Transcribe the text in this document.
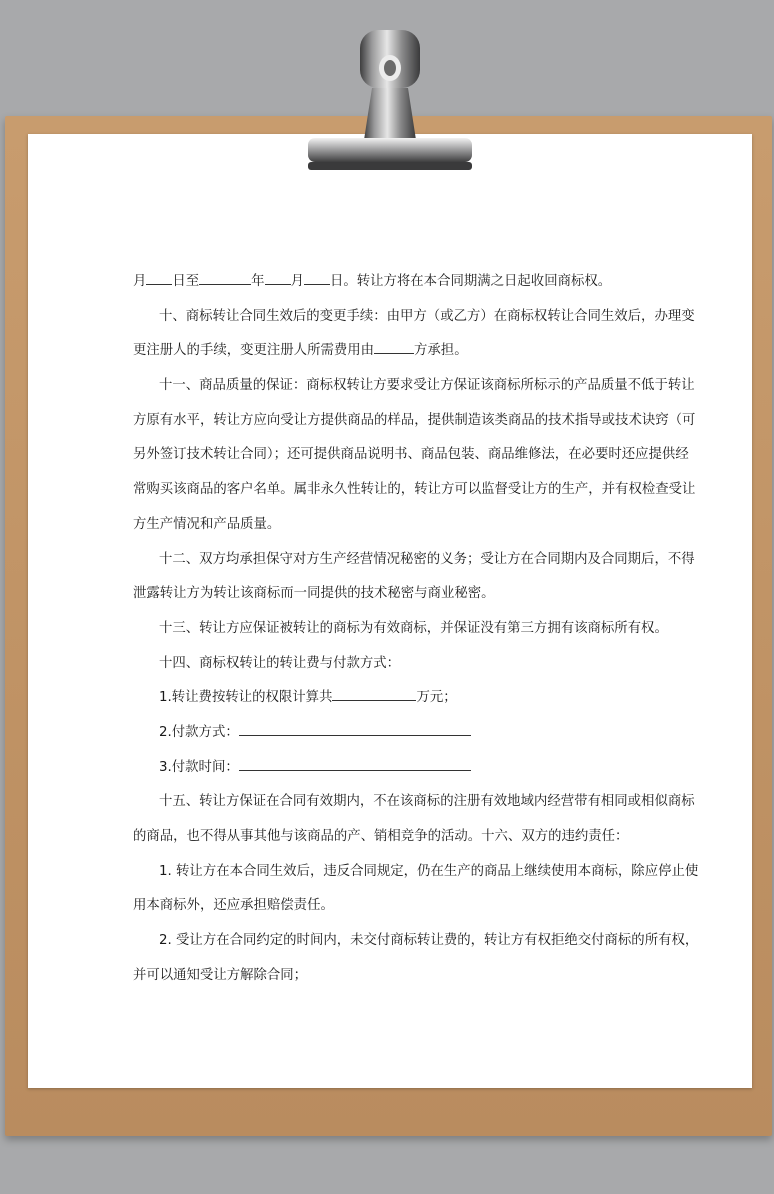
月 日至	年 月 日。转让方将在本合同期满之日起收回商标权。
十、商标转让合同生效后的变更手续：由甲方（或乙方）在商标权转让合同生效后，办理变
更注册人的手续，变更注册人所需费用由	方承担。
十一、商品质量的保证：商标权转让方要求受让方保证该商标所标示的产品质量不低于转让
方原有水平，转让方应向受让方提供商品的样品，提供制造该类商品的技术指导或技术诀窍（可
另外签订技术转让合同）；还可提供商品说明书、商品包装、商品维修法，在必要时还应提供经
常购买该商品的客户名单。属非永久性转让的，转让方可以监督受让方的生产，并有权检查受让
方生产情况和产品质量。
十二、双方均承担保守对方生产经营情况秘密的义务；受让方在合同期内及合同期后，不得
泄露转让方为转让该商标而一同提供的技术秘密与商业秘密。
十三、转让方应保证被转让的商标为有效商标，并保证没有第三方拥有该商标所有权。
十四、商标权转让的转让费与付款方式：
1.转让费按转让的权限计算共	万元；
2.付款方式：
3.付款时间：
十五、转让方保证在合同有效期内，不在该商标的注册有效地域内经营带有相同或相似商标
的商品，也不得从事其他与该商品的产、销相竞争的活动。十六、双方的违约责任：
1. 转让方在本合同生效后，违反合同规定，仍在生产的商品上继续使用本商标，除应停止使
用本商标外，还应承担赔偿责任。
2. 受让方在合同约定的时间内，未交付商标转让费的，转让方有权拒绝交付商标的所有权，
并可以通知受让方解除合同；
